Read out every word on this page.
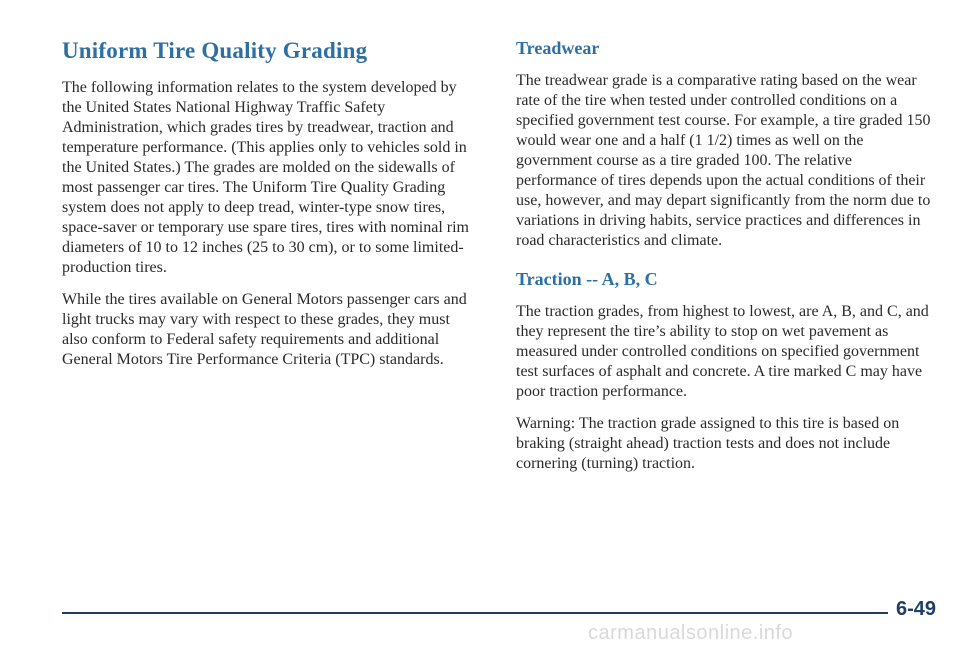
Uniform Tire Quality Grading

The following information relates to the system developed by the United States National Highway Traffic Safety Administration, which grades tires by treadwear, traction and temperature performance. (This applies only to vehicles sold in the United States.) The grades are molded on the sidewalls of most passenger car tires. The Uniform Tire Quality Grading system does not apply to deep tread, winter-type snow tires, space-saver or temporary use spare tires, tires with nominal rim diameters of 10 to 12 inches (25 to 30 cm), or to some limited-production tires.

While the tires available on General Motors passenger cars and light trucks may vary with respect to these grades, they must also conform to Federal safety requirements and additional General Motors Tire Performance Criteria (TPC) standards.

Treadwear

The treadwear grade is a comparative rating based on the wear rate of the tire when tested under controlled conditions on a specified government test course. For example, a tire graded 150 would wear one and a half (1 1/2) times as well on the government course as a tire graded 100. The relative performance of tires depends upon the actual conditions of their use, however, and may depart significantly from the norm due to variations in driving habits, service practices and differences in road characteristics and climate.

Traction -- A, B, C

The traction grades, from highest to lowest, are A, B, and C, and they represent the tire’s ability to stop on wet pavement as measured under controlled conditions on specified government test surfaces of asphalt and concrete. A tire marked C may have poor traction performance.

Warning: The traction grade assigned to this tire is based on braking (straight ahead) traction tests and does not include cornering (turning) traction.

6-49
carmanualsonline.info
